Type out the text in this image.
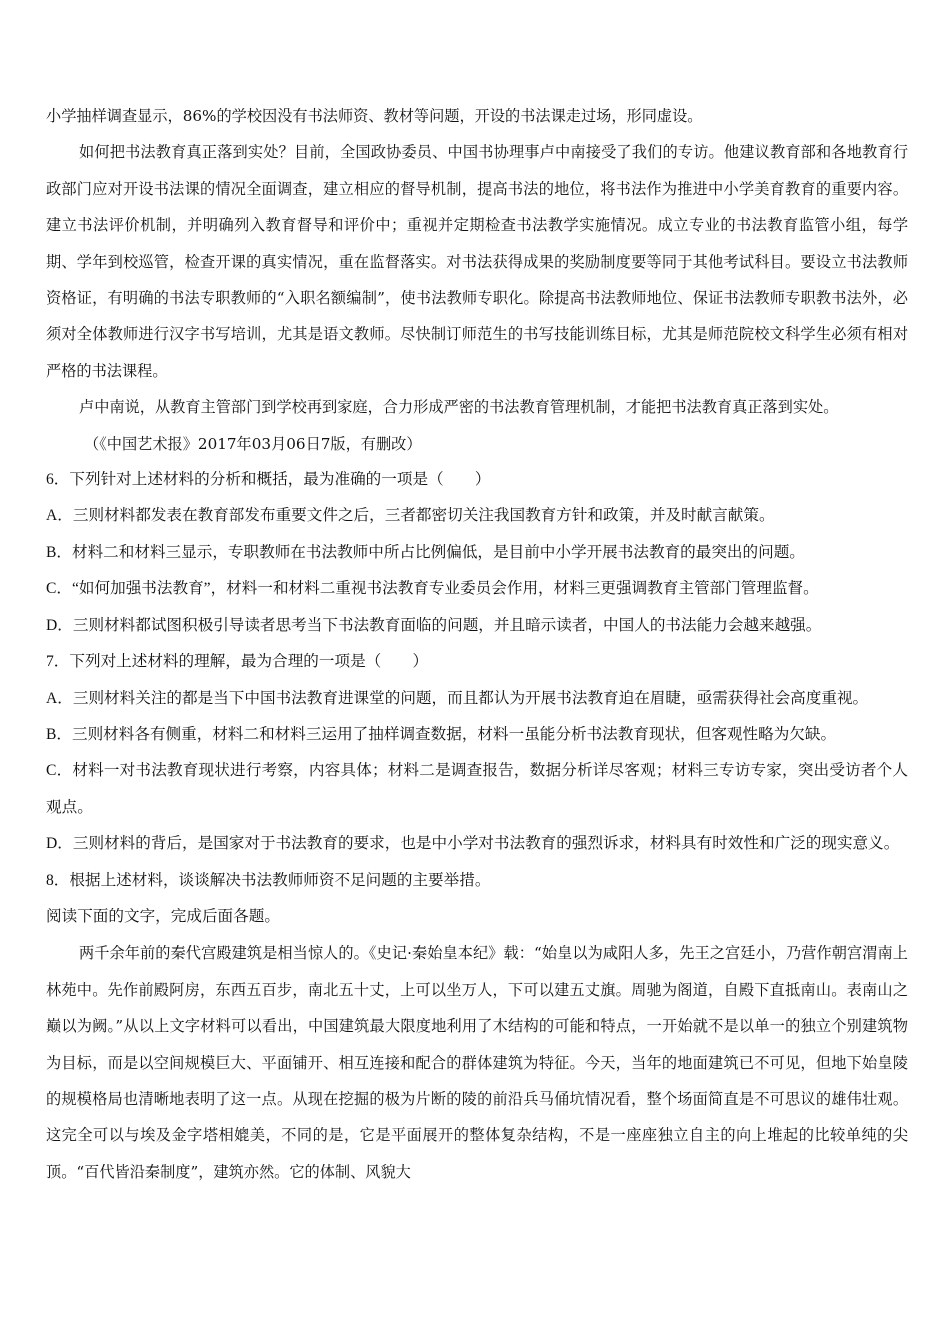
小学抽样调查显示，86%的学校因没有书法师资、教材等问题，开设的书法课走过场，形同虚设。

如何把书法教育真正落到实处？目前，全国政协委员、中国书协理事卢中南接受了我们的专访。他建议教育部和各地教育行政部门应对开设书法课的情况全面调查，建立相应的督导机制，提高书法的地位，将书法作为推进中小学美育教育的重要内容。建立书法评价机制，并明确列入教育督导和评价中；重视并定期检查书法教学实施情况。成立专业的书法教育监管小组，每学期、学年到校巡管，检查开课的真实情况，重在监督落实。对书法获得成果的奖励制度要等同于其他考试科目。要设立书法教师资格证，有明确的书法专职教师的“入职名额编制”，使书法教师专职化。除提高书法教师地位、保证书法教师专职教书法外，必须对全体教师进行汉字书写培训，尤其是语文教师。尽快制订师范生的书写技能训练目标，尤其是师范院校文科学生必须有相对严格的书法课程。

卢中南说，从教育主管部门到学校再到家庭，合力形成严密的书法教育管理机制，才能把书法教育真正落到实处。

（《中国艺术报》2017年03月06日7版，有删改）

6．下列针对上述材料的分析和概括，最为准确的一项是（　　）

A．三则材料都发表在教育部发布重要文件之后，三者都密切关注我国教育方针和政策，并及时献言献策。

B．材料二和材料三显示，专职教师在书法教师中所占比例偏低，是目前中小学开展书法教育的最突出的问题。

C．“如何加强书法教育”，材料一和材料二重视书法教育专业委员会作用，材料三更强调教育主管部门管理监督。

D．三则材料都试图积极引导读者思考当下书法教育面临的问题，并且暗示读者，中国人的书法能力会越来越强。

7．下列对上述材料的理解，最为合理的一项是（　　）

A．三则材料关注的都是当下中国书法教育进课堂的问题，而且都认为开展书法教育迫在眉睫，亟需获得社会高度重视。

B．三则材料各有侧重，材料二和材料三运用了抽样调查数据，材料一虽能分析书法教育现状，但客观性略为欠缺。

C．材料一对书法教育现状进行考察，内容具体；材料二是调查报告，数据分析详尽客观；材料三专访专家，突出受访者个人观点。

D．三则材料的背后，是国家对于书法教育的要求，也是中小学对书法教育的强烈诉求，材料具有时效性和广泛的现实意义。

8．根据上述材料，谈谈解决书法教师师资不足问题的主要举措。

阅读下面的文字，完成后面各题。

两千余年前的秦代宫殿建筑是相当惊人的。《史记·秦始皇本纪》载：“始皇以为咸阳人多，先王之宫廷小，乃营作朝宫渭南上林苑中。先作前殿阿房，东西五百步，南北五十丈，上可以坐万人，下可以建五丈旗。周驰为阁道，自殿下直抵南山。表南山之巅以为阙。”从以上文字材料可以看出，中国建筑最大限度地利用了木结构的可能和特点，一开始就不是以单一的独立个别建筑物为目标，而是以空间规模巨大、平面铺开、相互连接和配合的群体建筑为特征。今天，当年的地面建筑已不可见，但地下始皇陵的规模格局也清晰地表明了这一点。从现在挖掘的极为片断的陵的前沿兵马俑坑情况看，整个场面简直是不可思议的雄伟壮观。这完全可以与埃及金字塔相媲美，不同的是，它是平面展开的整体复杂结构，不是一座座独立自主的向上堆起的比较单纯的尖顶。“百代皆沿秦制度”，建筑亦然。它的体制、风貌大
